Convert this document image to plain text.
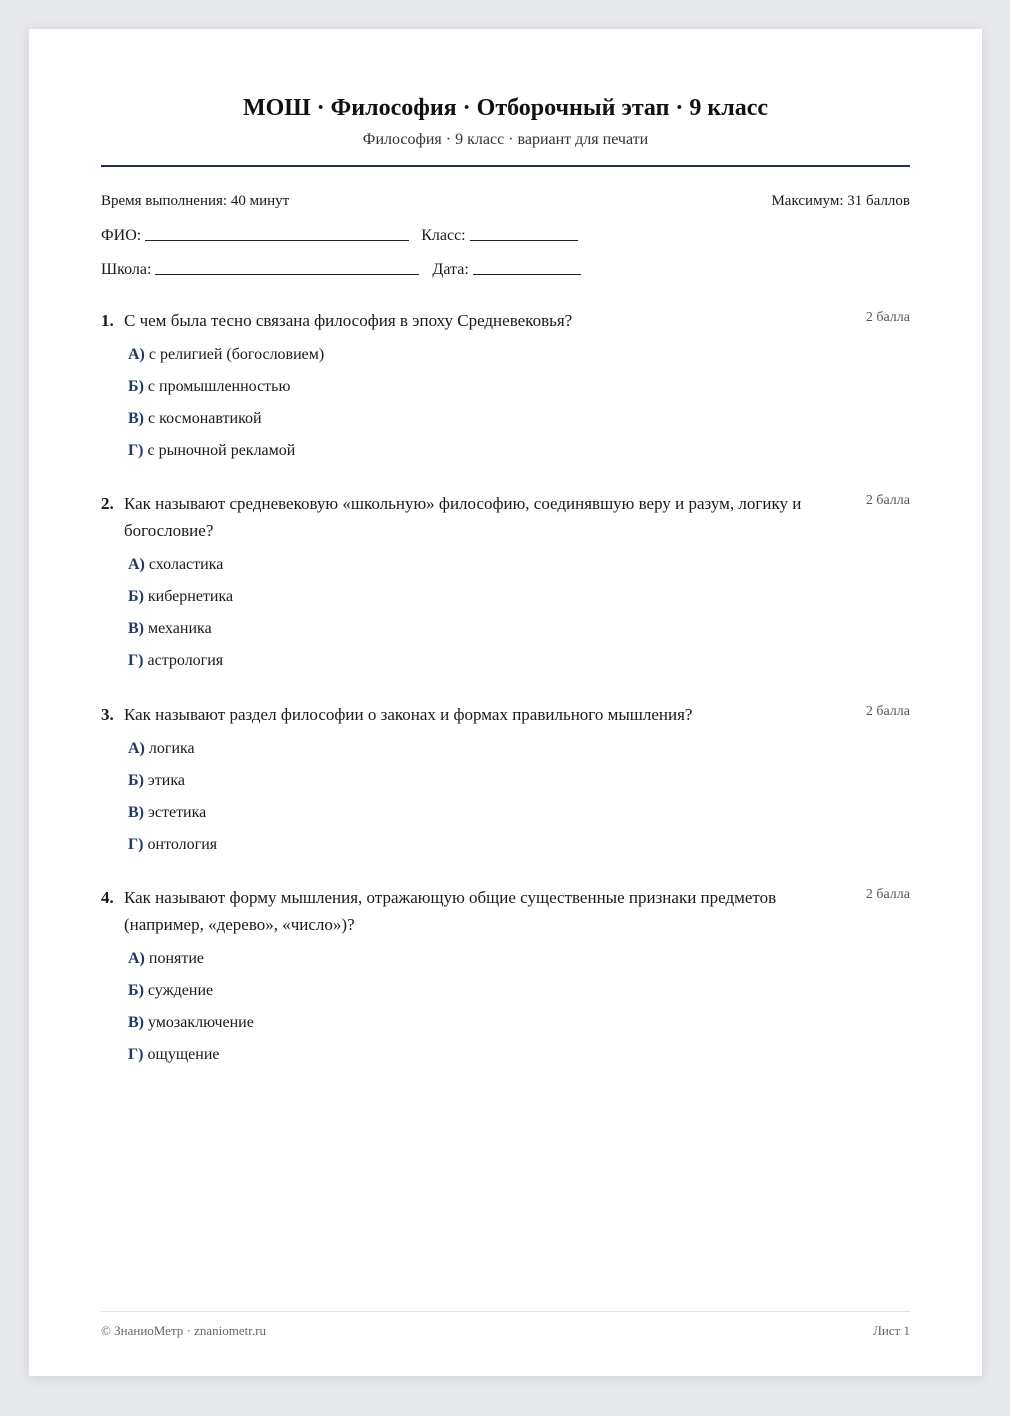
МОШ · Философия · Отборочный этап · 9 класс
Философия · 9 класс · вариант для печати
Время выполнения: 40 минут	Максимум: 31 баллов
ФИО:	Класс:
Школа:	Дата:
1. С чем была тесно связана философия в эпоху Средневековья?	2 балла
А) с религией (богословием)
Б) с промышленностью
В) с космонавтикой
Г) с рыночной рекламой
2. Как называют средневековую «школьную» философию, соединявшую веру и разум, логику и богословие?
2 балла
А) схоластика
Б) кибернетика
В) механика
Г) астрология
3. Как называют раздел философии о законах и формах правильного мышления?	2 балла
А) логика
Б) этика
В) эстетика
Г) онтология
4. Как называют форму мышления, отражающую общие существенные признаки предметов (например, «дерево», «число»)?
2 балла
А) понятие
Б) суждение
В) умозаключение
Г) ощущение
© ЗнаниоМетр · znaniometr.ru	Лист 1
